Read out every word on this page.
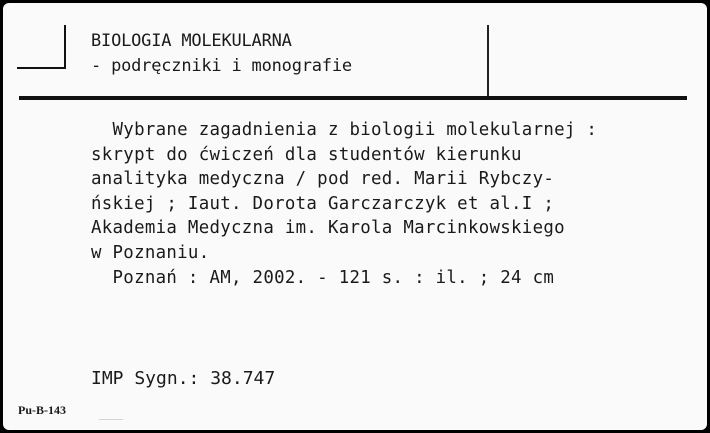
BIOLOGIA MOLEKULARNA
- podręczniki i monografie
Wybrane zagadnienia z biologii molekularnej :
skrypt do ćwiczeń dla studentów kierunku
analityka medyczna / pod red. Marii Rybczy-
ńskiej ; Iaut. Dorota Garczarczyk et al.I ;
Akademia Medyczna im. Karola Marcinkowskiego
w Poznaniu.
Poznań : AM, 2002. - 121 s. : il. ; 24 cm
IMP Sygn.: 38.747
Pu-B-143
